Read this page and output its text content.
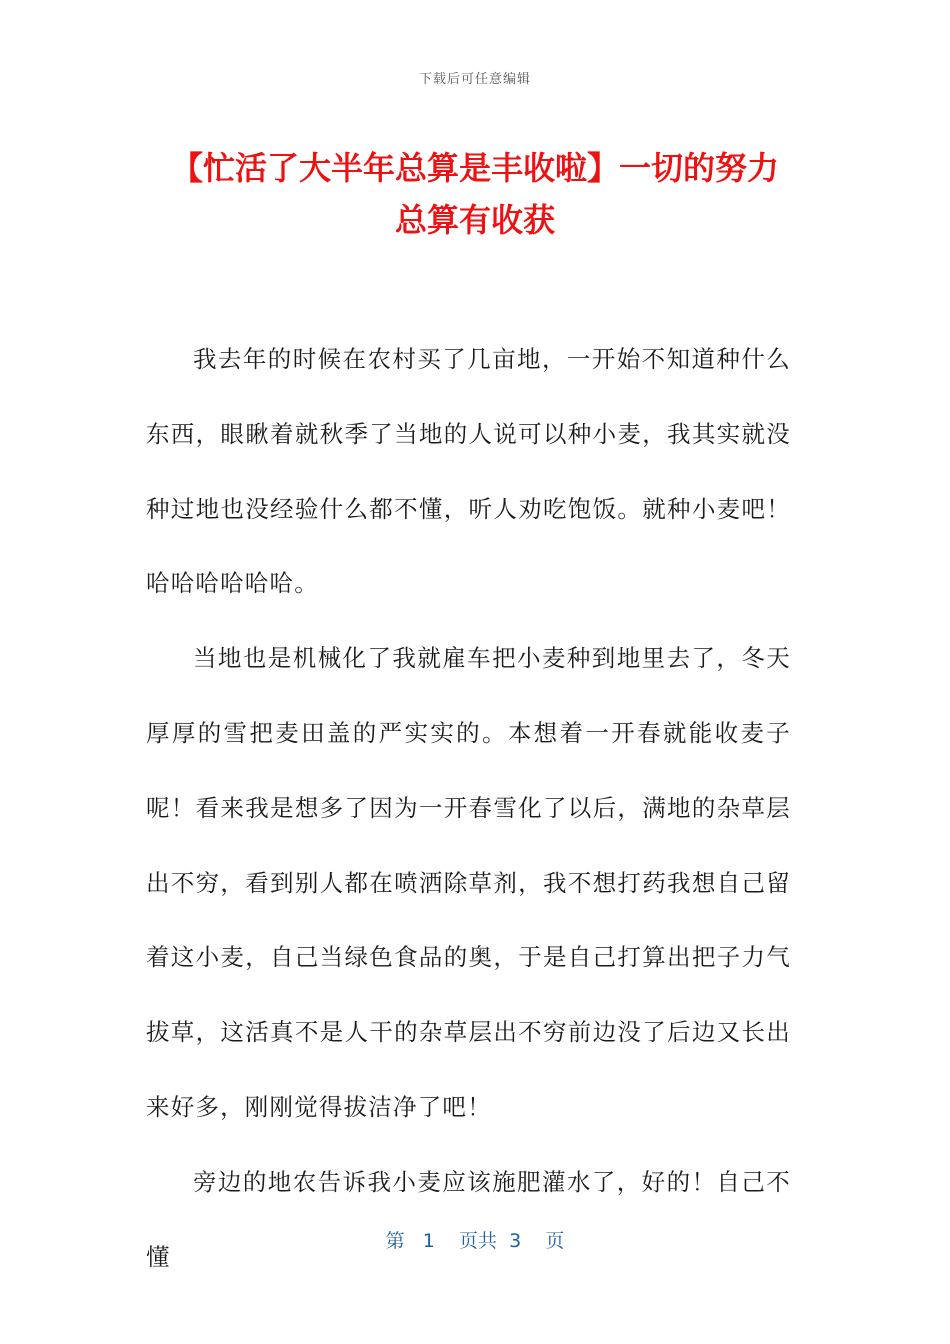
下载后可任意编辑
【忙活了大半年总算是丰收啦】一切的努力
总算有收获

我去年的时候在农村买了几亩地，一开始不知道种什么东西，眼瞅着就秋季了当地的人说可以种小麦，我其实就没种过地也没经验什么都不懂，听人劝吃饱饭。就种小麦吧！哈哈哈哈哈哈。

当地也是机械化了我就雇车把小麦种到地里去了，冬天厚厚的雪把麦田盖的严实实的。本想着一开春就能收麦子呢！看来我是想多了因为一开春雪化了以后，满地的杂草层出不穷，看到别人都在喷洒除草剂，我不想打药我想自己留着这小麦，自己当绿色食品的奥，于是自己打算出把子力气拔草，这活真不是人干的杂草层出不穷前边没了后边又长出来好多，刚刚觉得拔洁净了吧！

旁边的地农告诉我小麦应该施肥灌水了，好的！自己不懂

第 1 页共 3 页
